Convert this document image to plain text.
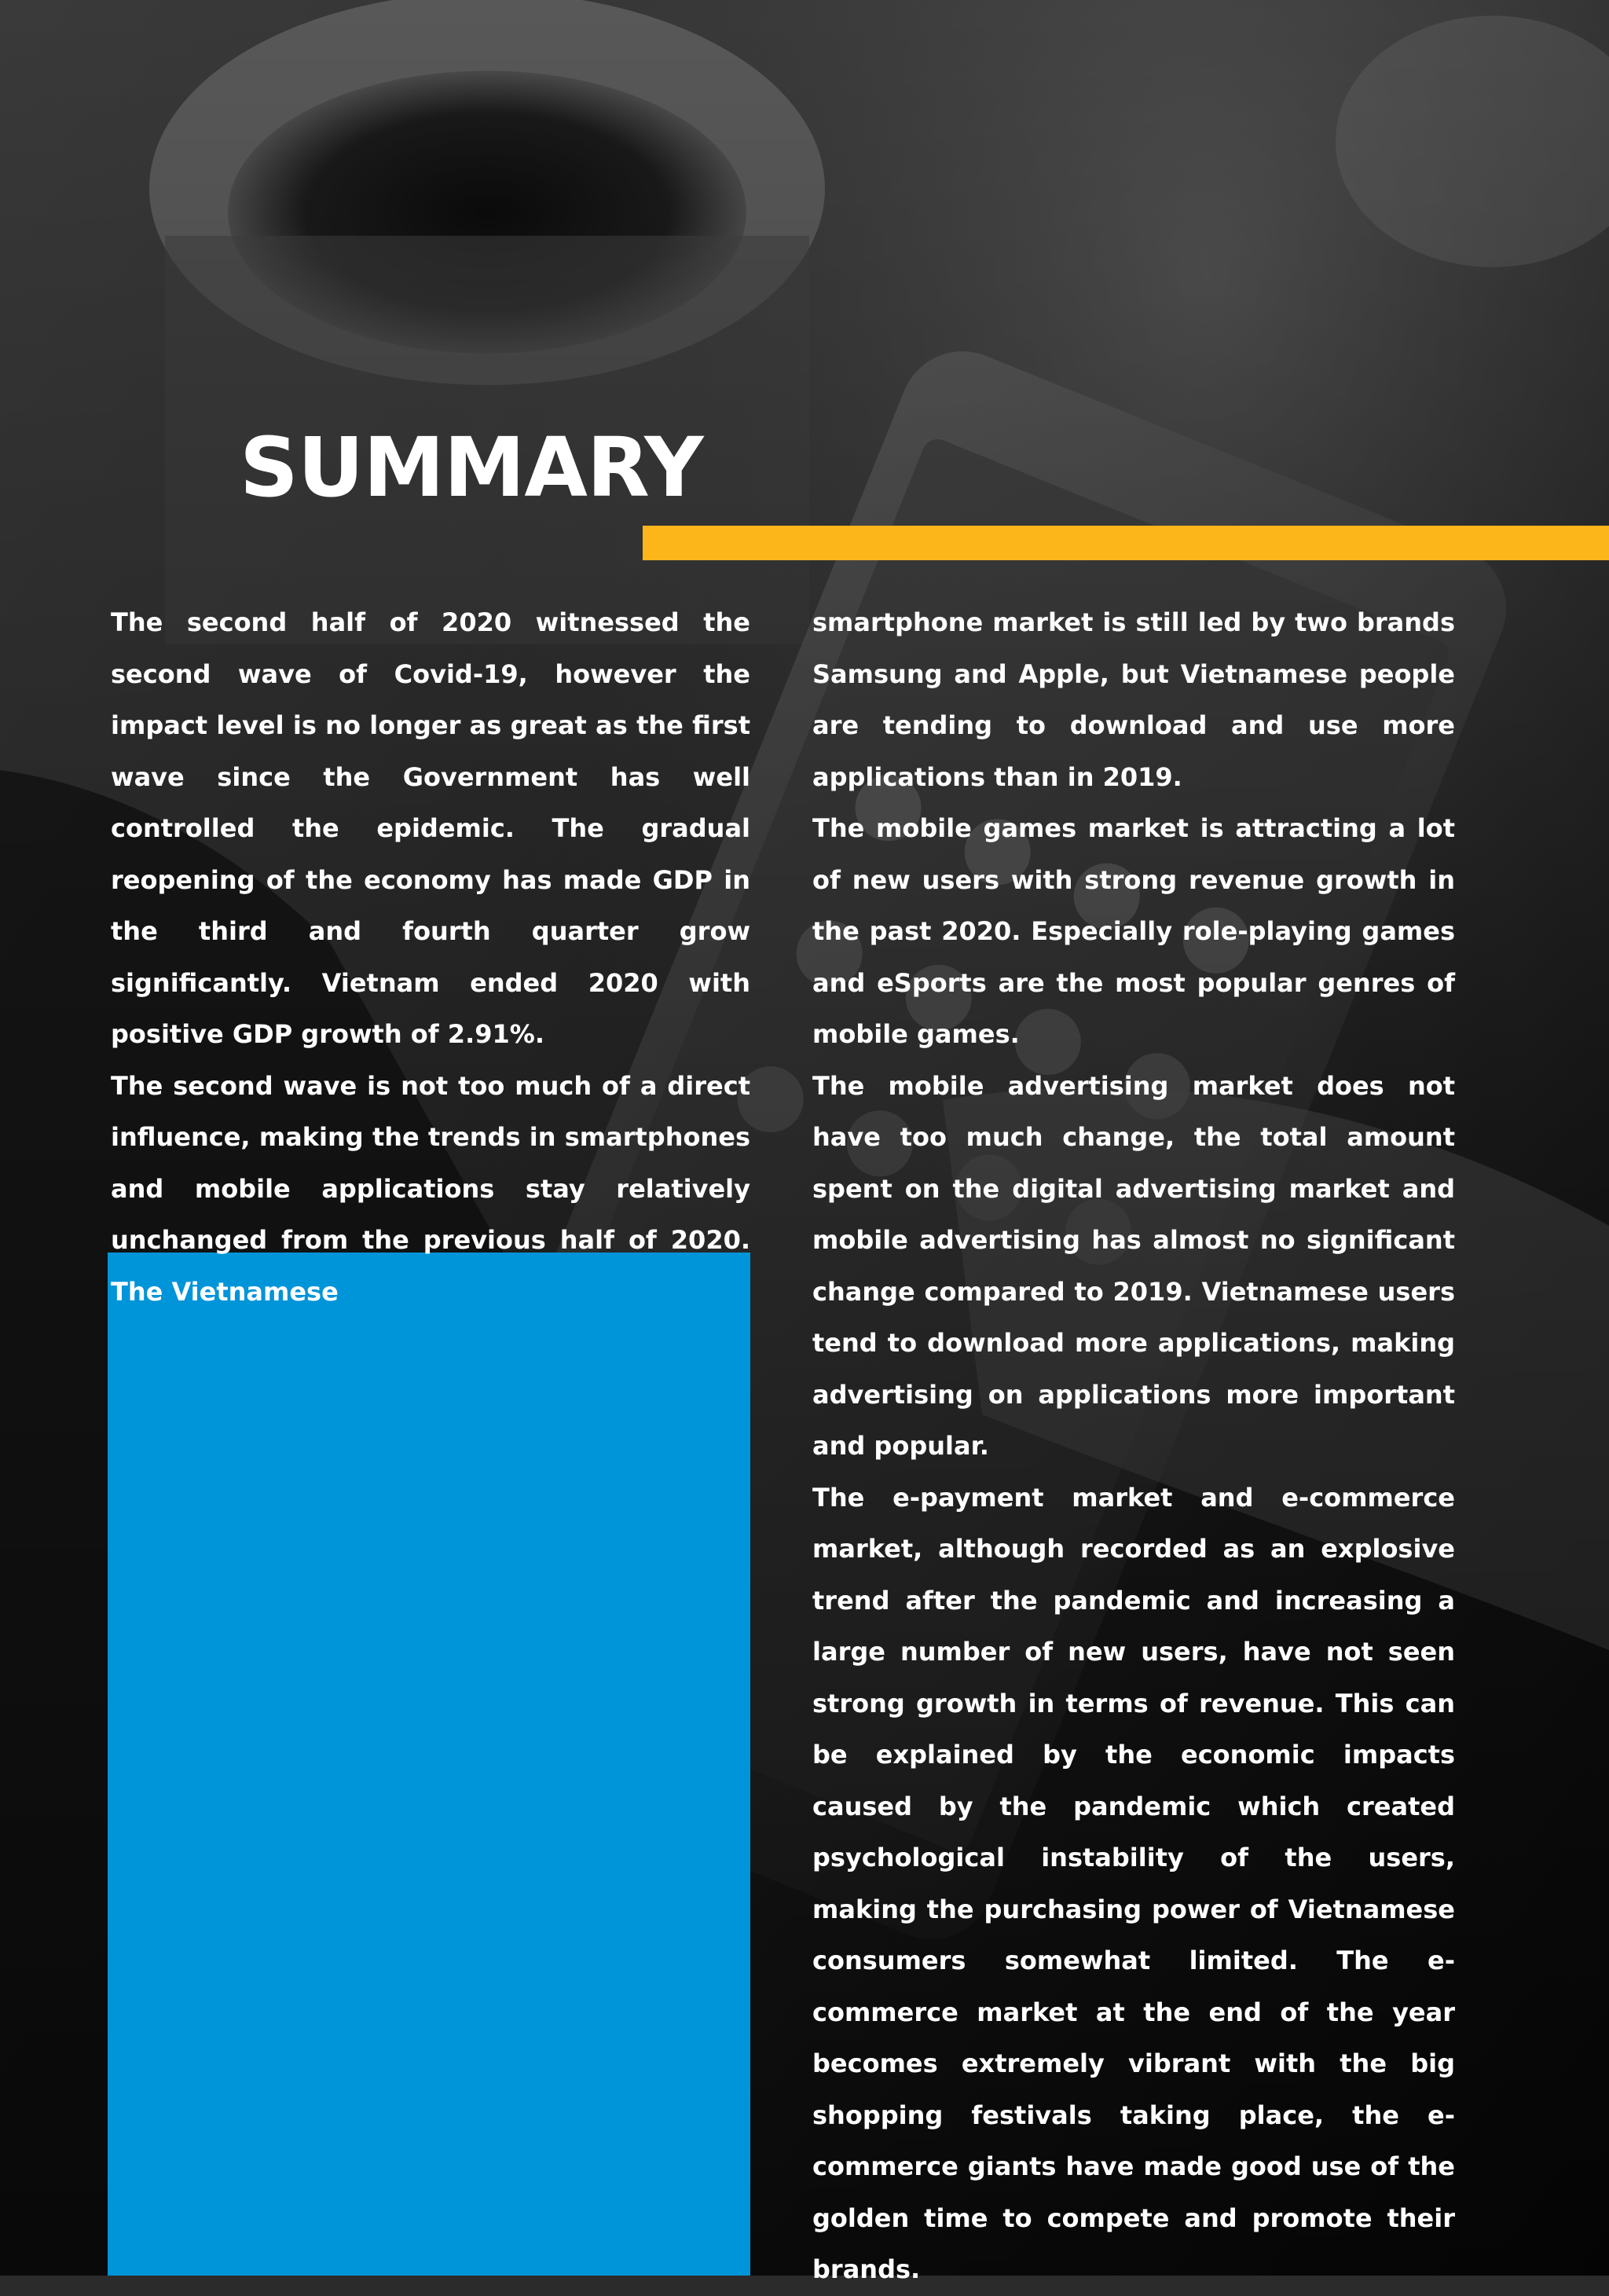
SUMMARY

The second half of 2020 witnessed the second wave of Covid-19, however the impact level is no longer as great as the first wave since the Government has well controlled the epidemic. The gradual reopening of the economy has made GDP in the third and fourth quarter grow significantly. Vietnam ended 2020 with positive GDP growth of 2.91%.

The second wave is not too much of a direct influence, making the trends in smartphones and mobile applications stay relatively unchanged from the previous half of 2020. The Vietnamese

smartphone market is still led by two brands Samsung and Apple, but Vietnamese people are tending to download and use more applications than in 2019.

The mobile games market is attracting a lot of new users with strong revenue growth in the past 2020. Especially role-playing games and eSports are the most popular genres of mobile games.

The mobile advertising market does not have too much change, the total amount spent on the digital advertising market and mobile advertising has almost no significant change compared to 2019. Vietnamese users tend to download more applications, making advertising on applications more important and popular.

The e-payment market and e-commerce market, although recorded as an explosive trend after the pandemic and increasing a large number of new users, have not seen strong growth in terms of revenue. This can be explained by the economic impacts caused by the pandemic which created psychological instability of the users, making the purchasing power of Vietnamese consumers somewhat limited. The e-commerce market at the end of the year becomes extremely vibrant with the big shopping festivals taking place, the e-commerce giants have made good use of the golden time to compete and promote their brands.
